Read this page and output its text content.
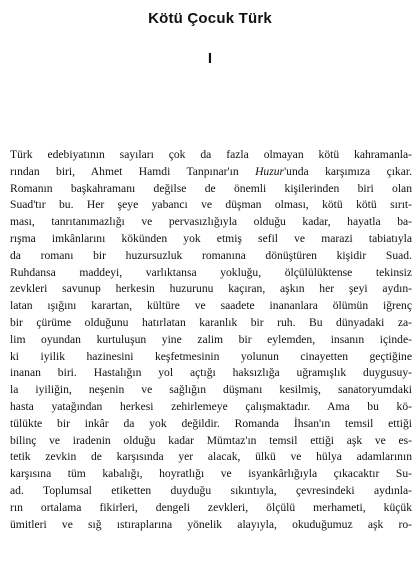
Kötü Çocuk Türk
I
Türk edebiyatının sayıları çok da fazla olmayan kötü kahramanla-
rından biri, Ahmet Hamdi Tanpınar'ın Huzur'unda karşımıza çıkar.
Romanın başkahramanı değilse de önemli kişilerinden biri olan
Suad'tır bu. Her şeye yabancı ve düşman olması, kötü kötü sırıt-
ması, tanrıtanımazlığı ve pervasızlığıyla olduğu kadar, hayatla ba-
rışma imkânlarını kökünden yok etmiş sefil ve marazi tabiatıyla
da romanı bir huzursuzluk romanına dönüştüren kişidir Suad.
Ruhdansa maddeyi, varlıktansa yokluğu, ölçülülüktense tekinsiz
zevkleri savunup herkesin huzurunu kaçıran, aşkın her şeyi aydın-
latan ışığını karartan, kültüre ve saadete inananlara ölümün iğrenç
bir çürüme olduğunu hatırlatan karanlık bir ruh. Bu dünyadaki za-
lim oyundan kurtuluşun yine zalim bir eylemden, insanın içinde-
ki iyilik hazinesini keşfetmesinin yolunun cinayetten geçtiğine
inanan biri. Hastalığın yol açtığı haksızlığa uğramışlık duygusuy-
la iyiliğin, neşenin ve sağlığın düşmanı kesilmiş, sanatoryumdaki
hasta yatağından herkesi zehirlemeye çalışmaktadır. Ama bu kö-
tülükte bir inkâr da yok değildir. Romanda İhsan'ın temsil ettiği
bilinç ve iradenin olduğu kadar Mümtaz'ın temsil ettiği aşk ve es-
tetik zevkin de karşısında yer alacak, ülkü ve hülya adamlarının
karşısına tüm kabalığı, hoyratlığı ve isyankârlığıyla çıkacaktır Su-
ad. Toplumsal etiketten duyduğu sıkıntıyla, çevresindeki aydınla-
rın ortalama fikirleri, dengeli zevkleri, ölçülü merhameti, küçük
ümitleri ve sığ ıstıraplarına yönelik alayıyla, okuduğumuz aşk ro-
